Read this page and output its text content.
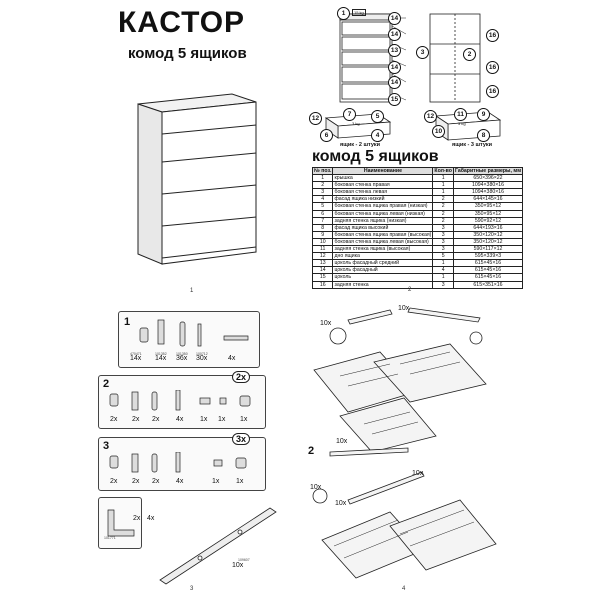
КАСТОР
комод 5 ящиков
1
1	15 kg
14
14
13
14
14
15
3
16
2
16
16
12
7	5
6	4
3 kg
ящик - 2 штуки
12	11	9
10
8
3 kg
ящик - 3 штуки
комод 5 ящиков
№ поз.	Наименование	Кол-во	Габаритные размеры, мм
1	крышка	1	650×396×22
2	боковая стенка правая	1	1094×380×16
3	боковая стенка левая	1	1094×380×16
4	фасад ящика низкий	2	644×145×16
5	боковая стенка ящика правая (низкая)	2	350×95×12
6	боковая стенка ящика левая (низкая)	2	350×95×12
7	задняя стенка ящика (низкая)	2	590×92×12
8	фасад ящика высокий	3	644×193×16
9	боковая стенка ящика правая (высокая)	3	350×120×12
10	боковая стенка ящика левая (высокая)	3	350×120×12
11	задняя стенка ящика (высокая)	3	590×117×12
12	дно ящика	5	595×339×3
13	цоколь фасадный средний	1	615×45×16
14	цоколь фасадный	4	615×45×16
15	цоколь	1	615×45×16
16	задняя стенка	3	615×351×16
2
1
470471
14x
101352
14x
101350
36x
100712
30x	4x
2
2x
2x 2x 2x 4x 1x 1x 1x
3
3x
2x 2x 2x 4x	1x 1x
2x 4x
101771
109607
10x
3
10x
10x
2
10x
10x
10x
10x
4
